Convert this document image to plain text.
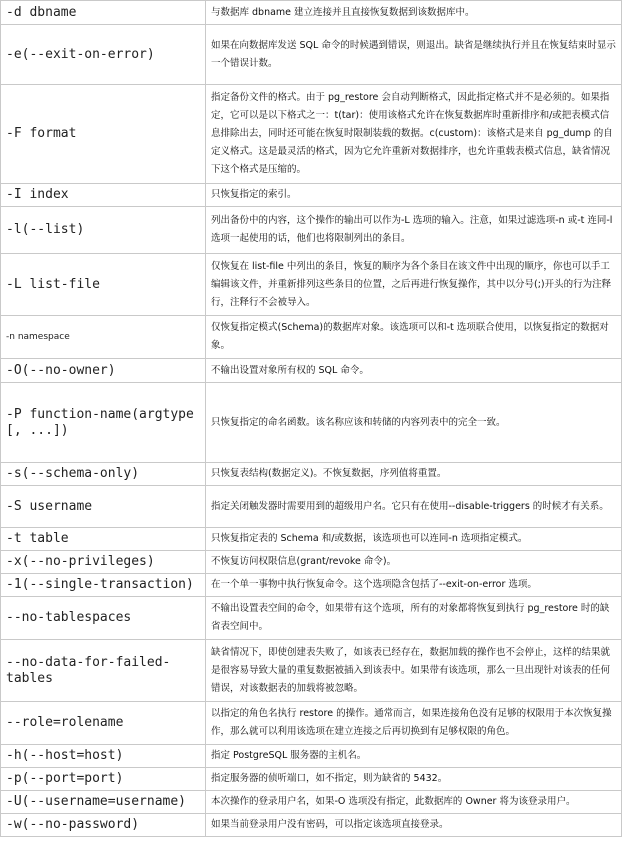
-d dbname	与数据库 dbname 建立连接并且直接恢复数据到该数据库中。
-e(--exit-on-error)	如果在向数据库发送 SQL 命令的时候遇到错误，则退出。缺省是继续执行并且在恢复结束时显示一个错误计数。
-F format	指定备份文件的格式。由于 pg_restore 会自动判断格式，因此指定格式并不是必须的。如果指定，它可以是以下格式之一：t(tar)：使用该格式允许在恢复数据库时重新排序和/或把表模式信息排除出去，同时还可能在恢复时限制装载的数据。c(custom)：该格式是来自 pg_dump 的自定义格式。这是最灵活的格式，因为它允许重新对数据排序，也允许重载表模式信息，缺省情况下这个格式是压缩的。
-I index	只恢复指定的索引。
-l(--list)	列出备份中的内容，这个操作的输出可以作为-L 选项的输入。注意，如果过滤选项-n 或-t 连同-l 选项一起使用的话，他们也将限制列出的条目。
-L list-file	仅恢复在 list-file 中列出的条目，恢复的顺序为各个条目在该文件中出现的顺序，你也可以手工编辑该文件，并重新排列这些条目的位置，之后再进行恢复操作，其中以分号(;)开头的行为注释行，注释行不会被导入。
-n namespace	仅恢复指定模式(Schema)的数据库对象。该选项可以和-t 选项联合使用，以恢复指定的数据对象。
-O(--no-owner)	不输出设置对象所有权的 SQL 命令。
-P function-name(argtype [, ...])	只恢复指定的命名函数。该名称应该和转储的内容列表中的完全一致。
-s(--schema-only)	只恢复表结构(数据定义)。不恢复数据，序列值将重置。
-S username	指定关闭触发器时需要用到的超级用户名。它只有在使用--disable-triggers 的时候才有关系。
-t table	只恢复指定表的 Schema 和/或数据，该选项也可以连同-n 选项指定模式。
-x(--no-privileges)	不恢复访问权限信息(grant/revoke 命令)。
-1(--single-transaction)	在一个单一事物中执行恢复命令。这个选项隐含包括了--exit-on-error 选项。
--no-tablespaces	不输出设置表空间的命令，如果带有这个选项，所有的对象都将恢复到执行 pg_restore 时的缺省表空间中。
--no-data-for-failed-tables	缺省情况下，即使创建表失败了，如该表已经存在，数据加载的操作也不会停止，这样的结果就是很容易导致大量的重复数据被插入到该表中。如果带有该选项，那么一旦出现针对该表的任何错误，对该数据表的加载将被忽略。
--role=rolename	以指定的角色名执行 restore 的操作。通常而言，如果连接角色没有足够的权限用于本次恢复操作，那么就可以利用该选项在建立连接之后再切换到有足够权限的角色。
-h(--host=host)	指定 PostgreSQL 服务器的主机名。
-p(--port=port)	指定服务器的侦听端口，如不指定，则为缺省的 5432。
-U(--username=username)	本次操作的登录用户名，如果-O 选项没有指定，此数据库的 Owner 将为该登录用户。
-w(--no-password)	如果当前登录用户没有密码，可以指定该选项直接登录。
